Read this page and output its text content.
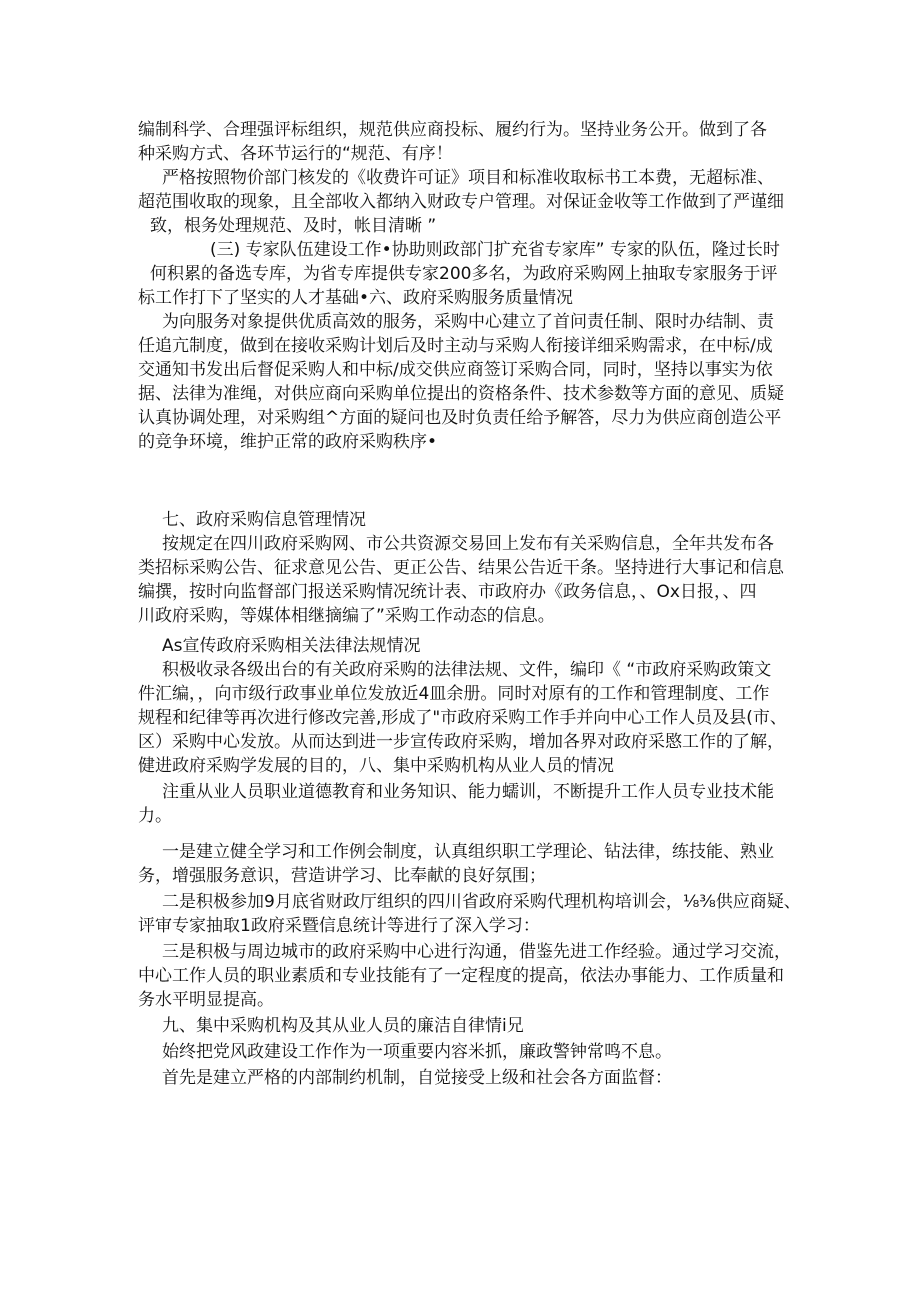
编制科学、合理强评标组织，规范供应商投标、履约行为。坚持业务公开。做到了各
种采购方式、各环节运行的“规范、有序！
严格按照物价部门核发的《收费许可证》项目和标准收取标书工本费，无超标准、
超范围收取的现象，且全部收入都纳入财政专户管理。对保证金收等工作做到了严谨细
致，根务处理规范、及时，帐目清晰 ”
(三) 专家队伍建设工作•协助则政部门扩充省专家库” 专家的队伍，隆过长时
何积累的备选专库，为省专库提供专家200多名，为政府采购网上抽取专家服务于评
标工作打下了坚实的人才基础•六、政府采购服务质量情况
为向服务对象提供优质高效的服务，采购中心建立了首问责任制、限时办结制、责
任追亢制度，做到在接收采购计划后及时主动与采购人衔接详细采购需求，在中标/成
交通知书发出后督促采购人和中标/成交供应商签订采购合同，同时，坚持以事实为依
据、法律为准绳，对供应商向采购单位提出的资格条件、技术参数等方面的意见、质疑
认真协调处理，对采购组^方面的疑问也及时负责任给予解答，尽力为供应商创造公平
的竞争环境，维护正常的政府采购秩序•
七、政府采购信息管理情况
按规定在四川政府采购网、市公共资源交易回上发布有关采购信息，全年共发布各
类招标采购公告、征求意见公告、更正公告、结果公告近干条。坚持进行大事记和信息
编撰，按时向监督部门报送采购情况统计表、市政府办《政务信息，、Ox日报，、四
川政府采购，等媒体相继摘编了”采购工作动态的信息。
As宣传政府采购相关法律法规情况
积极收录各级出台的有关政府采购的法律法规、文件，编印《 “市政府采购政策文
件汇编，，向市级行政事业单位发放近4皿余册。同时对原有的工作和管理制度、工作
规程和纪律等再次进行修改完善,形成了"市政府采购工作手并向中心工作人员及县(市、
区）采购中心发放。从而达到进一步宣传政府采购，增加各界对政府采愍工作的了解，
健进政府采购学发展的目的，八、集中采购机构从业人员的情况
注重从业人员职业道德教育和业务知识、能力蠕训，不断提升工作人员专业技术能
力。
一是建立健全学习和工作例会制度，认真组织职工学理论、钻法律，练技能、熟业
务，增强服务意识，营造讲学习、比奉献的良好氛围；
二是积极参加9月底省财政厅组织的四川省政府采购代理机构培训会，⅛⅜供应商疑、
评审专家抽取1政府采暨信息统计等进行了深入学习：
三是积极与周边城市的政府采购中心进行沟通，借鉴先进工作经验。通过学习交流，
中心工作人员的职业素质和专业技能有了一定程度的提高，依法办事能力、工作质量和
务水平明显提高。
九、集中采购机构及其从业人员的廉洁自律情i兄
始终把党风政建设工作作为一项重要内容米抓，廉政警钟常鸣不息。
首先是建立严格的内部制约机制，自觉接受上级和社会各方面监督：
